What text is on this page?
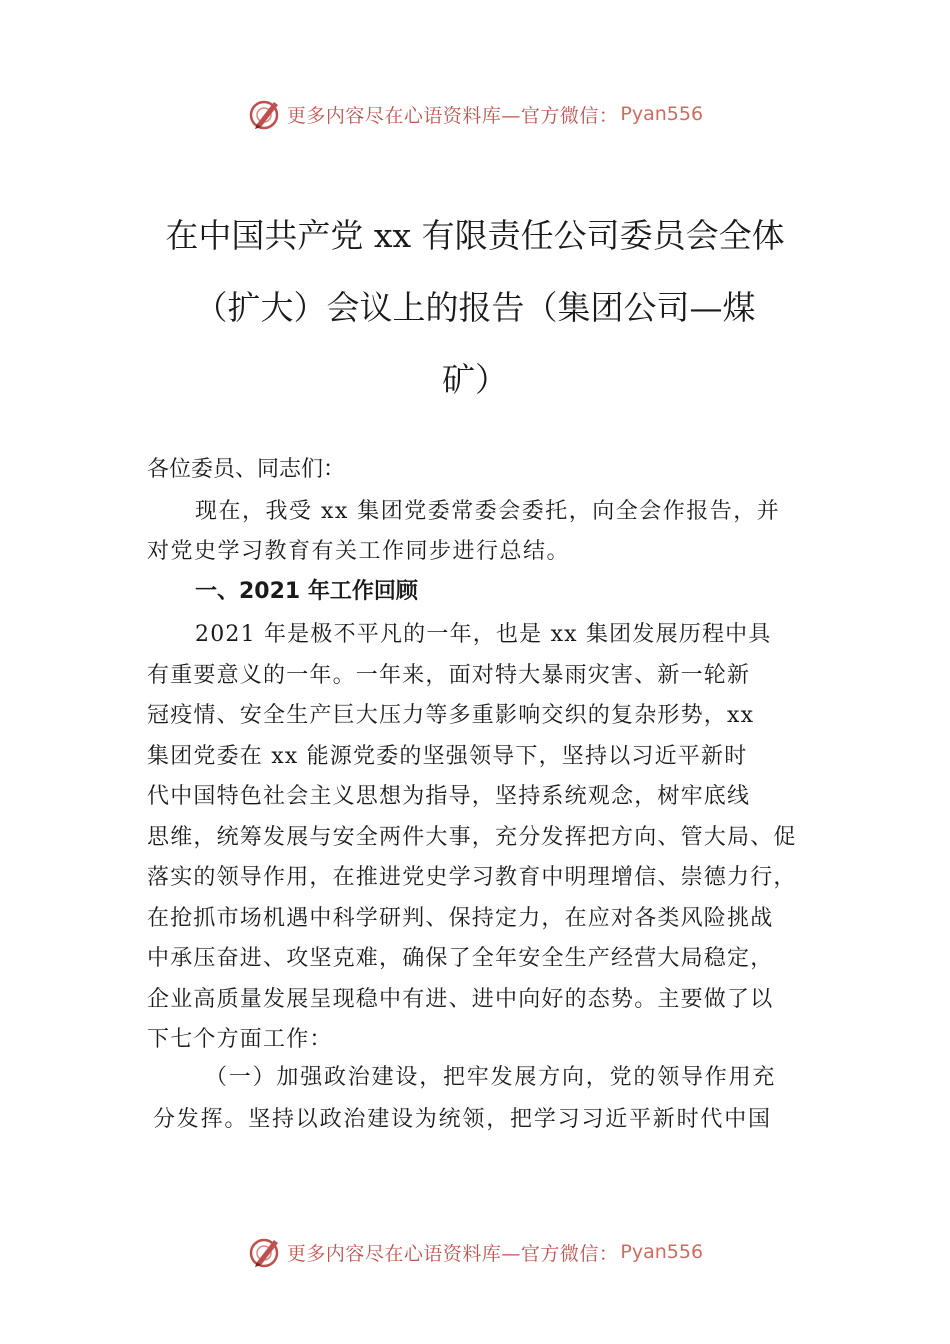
更多内容尽在心语资料库—官方微信： Pyan556
在中国共产党 xx 有限责任公司委员会全体
（扩大）会议上的报告（集团公司—煤
矿）
各位委员、同志们：
现在，我受 xx 集团党委常委会委托，向全会作报告，并
对党史学习教育有关工作同步进行总结。
一、2021 年工作回顾
2021 年是极不平凡的一年，也是 xx 集团发展历程中具
有重要意义的一年。一年来，面对特大暴雨灾害、新一轮新
冠疫情、安全生产巨大压力等多重影响交织的复杂形势，xx
集团党委在 xx 能源党委的坚强领导下，坚持以习近平新时
代中国特色社会主义思想为指导，坚持系统观念，树牢底线
思维，统筹发展与安全两件大事，充分发挥把方向、管大局、促
落实的领导作用，在推进党史学习教育中明理增信、崇德力行，
在抢抓市场机遇中科学研判、保持定力，在应对各类风险挑战
中承压奋进、攻坚克难，确保了全年安全生产经营大局稳定，
企业高质量发展呈现稳中有进、进中向好的态势。主要做了以
下七个方面工作：
（一）加强政治建设，把牢发展方向，党的领导作用充
分发挥。坚持以政治建设为统领，把学习习近平新时代中国
更多内容尽在心语资料库—官方微信： Pyan556
